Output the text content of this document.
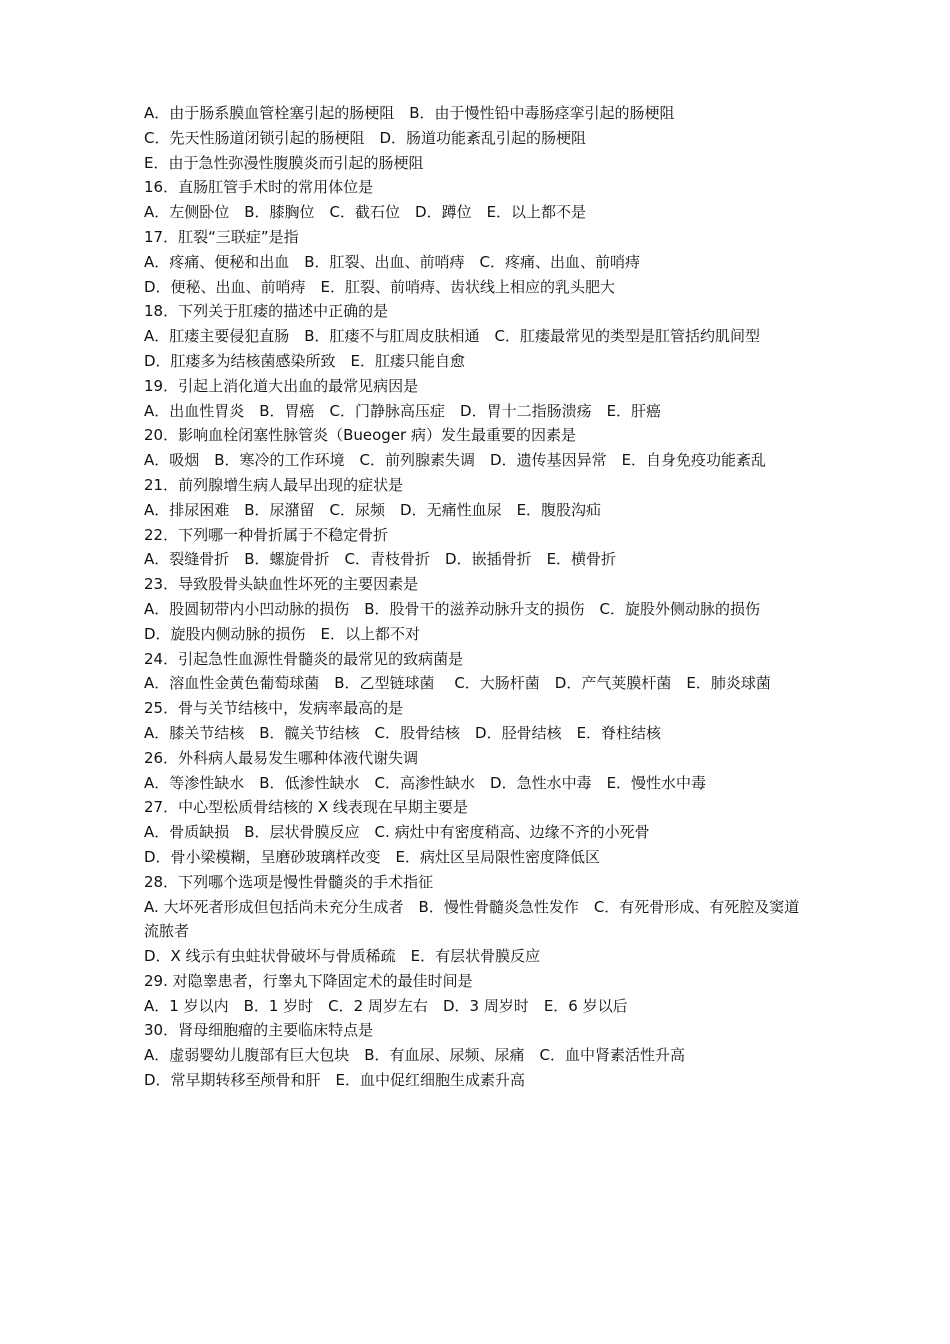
A．由于肠系膜血管栓塞引起的肠梗阻　B．由于慢性铅中毒肠痉挛引起的肠梗阻

C．先天性肠道闭锁引起的肠梗阻　D．肠道功能紊乱引起的肠梗阻

E．由于急性弥漫性腹膜炎而引起的肠梗阻

16．直肠肛管手术时的常用体位是

A．左侧卧位　B．膝胸位　C．截石位　D．蹲位　E．以上都不是

17．肛裂“三联症”是指

A．疼痛、便秘和出血　B．肛裂、出血、前哨痔　C．疼痛、出血、前哨痔

D．便秘、出血、前哨痔　E．肛裂、前哨痔、齿状线上相应的乳头肥大

18．下列关于肛瘘的描述中正确的是

A．肛瘘主要侵犯直肠　B．肛瘘不与肛周皮肤相通　C．肛瘘最常见的类型是肛管括约肌间型

D．肛瘘多为结核菌感染所致　E．肛瘘只能自愈

19．引起上消化道大出血的最常见病因是

A．出血性胃炎　B．胃癌　C．门静脉高压症　D．胃十二指肠溃疡　E．肝癌

20．影响血栓闭塞性脉管炎（Bueoger 病）发生最重要的因素是

A．吸烟　B．寒冷的工作环境　C．前列腺素失调　D．遗传基因异常　E．自身免疫功能紊乱

21．前列腺增生病人最早出现的症状是

A．排尿困难　B．尿潴留　C．尿频　D．无痛性血尿　E．腹股沟疝

22．下列哪一种骨折属于不稳定骨折

A．裂缝骨折　B．螺旋骨折　C．青枝骨折　D．嵌插骨折　E．横骨折

23．导致股骨头缺血性坏死的主要因素是

A．股圆韧带内小凹动脉的损伤　B．股骨干的滋养动脉升支的损伤　C．旋股外侧动脉的损伤

D．旋股内侧动脉的损伤　E．以上都不对

24．引起急性血源性骨髓炎的最常见的致病菌是

A．溶血性金黄色葡萄球菌　B．乙型链球菌　 C．大肠杆菌　D．产气荚膜杆菌　E．肺炎球菌

25．骨与关节结核中，发病率最高的是

A．膝关节结核　B．髋关节结核　C．股骨结核　D．胫骨结核　E．脊柱结核

26．外科病人最易发生哪种体液代谢失调

A．等渗性缺水　B．低渗性缺水　C．高渗性缺水　D．急性水中毒　E．慢性水中毒

27．中心型松质骨结核的 X 线表现在早期主要是

A．骨质缺损　B．层状骨膜反应　C. 病灶中有密度稍高、边缘不齐的小死骨

D．骨小梁模糊，呈磨砂玻璃样改变　E．病灶区呈局限性密度降低区

28．下列哪个选项是慢性骨髓炎的手术指征

A. 大坏死者形成但包括尚未充分生成者　B．慢性骨髓炎急性发作　C．有死骨形成、有死腔及窦道流脓者

D．X 线示有虫蛀状骨破坏与骨质稀疏　E．有层状骨膜反应

29. 对隐睾患者，行睾丸下降固定术的最佳时间是

A．1 岁以内　B．1 岁时　C．2 周岁左右　D．3 周岁时　E．6 岁以后

30．肾母细胞瘤的主要临床特点是

A．虚弱婴幼儿腹部有巨大包块　B．有血尿、尿频、尿痛　C．血中肾素活性升高

D．常早期转移至颅骨和肝　E．血中促红细胞生成素升高
